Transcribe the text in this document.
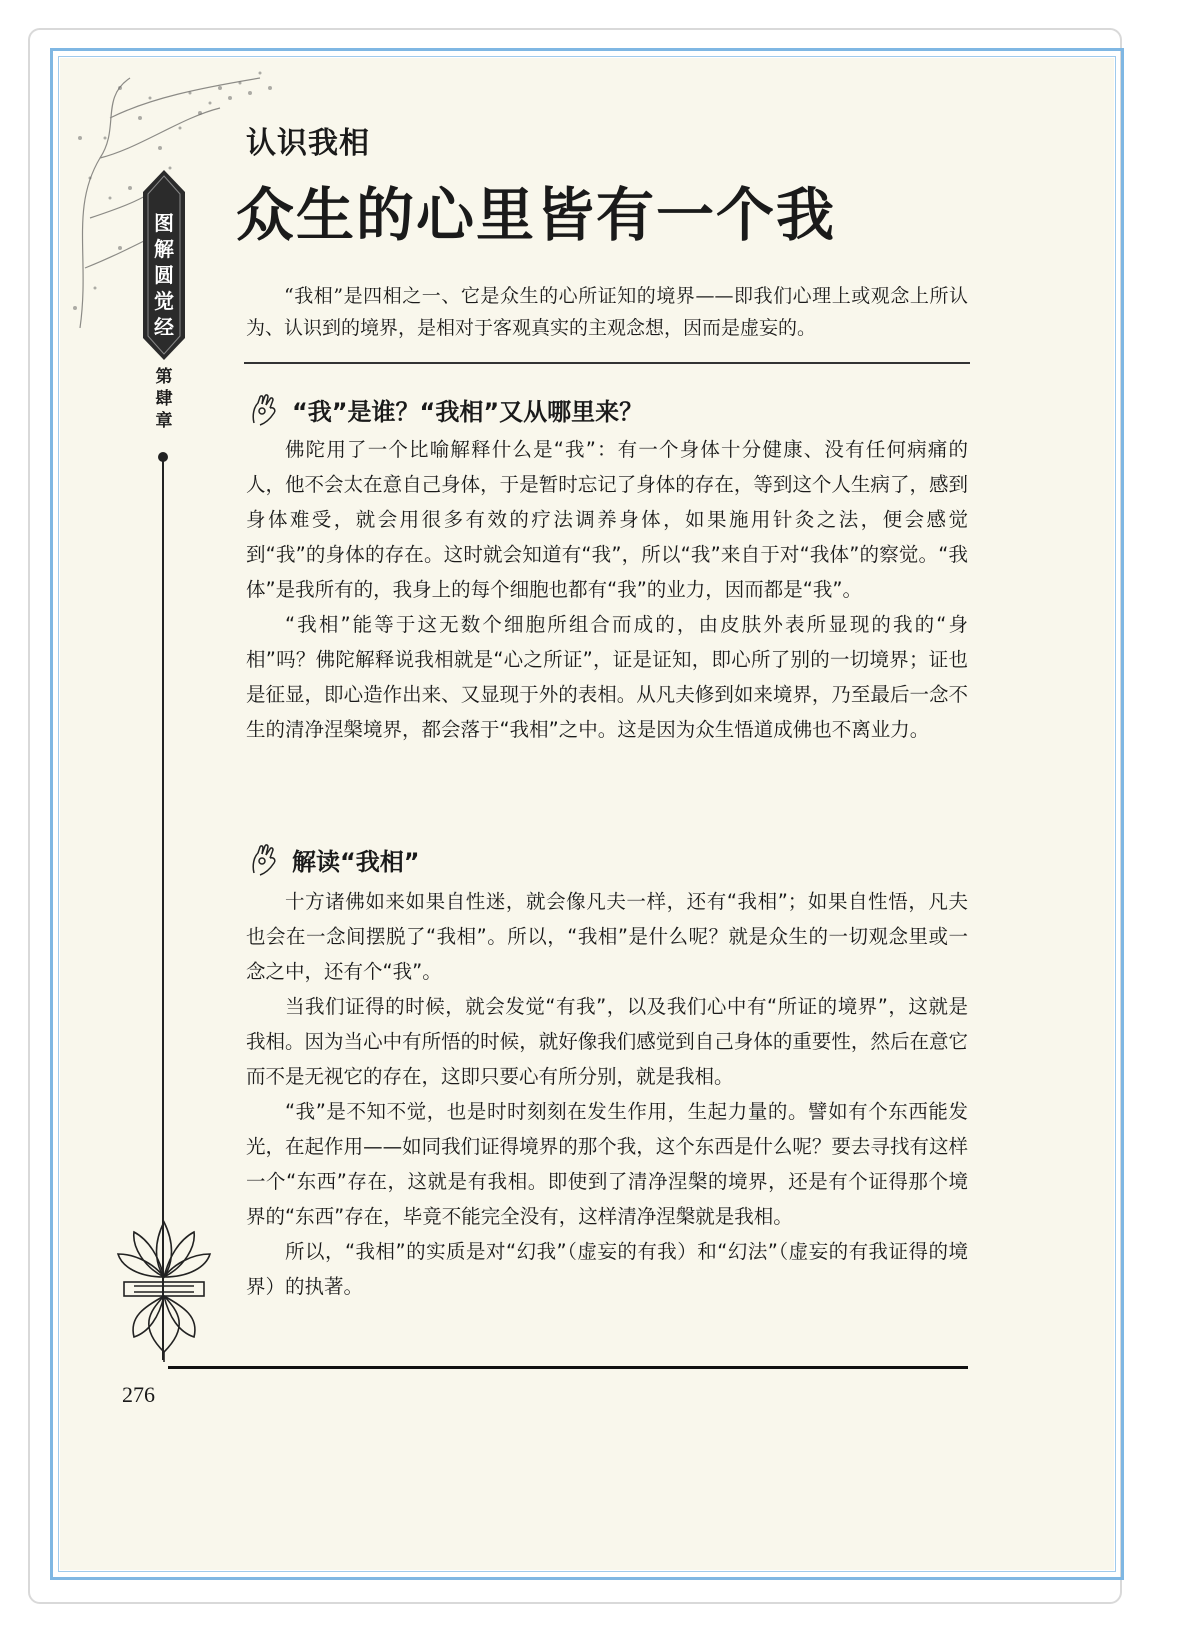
图
解
圆
觉
经
第
肆
章
认识我相
众生的心里皆有一个我
“我相”是四相之一、它是众生的心所证知的境界——即我们心理上或观念上所认为、认识到的境界，是相对于客观真实的主观念想，因而是虚妄的。
“我”是谁？“我相”又从哪里来？

佛陀用了一个比喻解释什么是“我”：有一个身体十分健康、没有任何病痛的人，他不会太在意自己身体，于是暂时忘记了身体的存在，等到这个人生病了，感到身体难受，就会用很多有效的疗法调养身体，如果施用针灸之法，便会感觉到“我”的身体的存在。这时就会知道有“我”，所以“我”来自于对“我体”的察觉。“我体”是我所有的，我身上的每个细胞也都有“我”的业力，因而都是“我”。

“我相”能等于这无数个细胞所组合而成的，由皮肤外表所显现的我的“身相”吗？佛陀解释说我相就是“心之所证”，证是证知，即心所了别的一切境界；证也是征显，即心造作出来、又显现于外的表相。从凡夫修到如来境界，乃至最后一念不生的清净涅槃境界，都会落于“我相”之中。这是因为众生悟道成佛也不离业力。

解读“我相”

十方诸佛如来如果自性迷，就会像凡夫一样，还有“我相”；如果自性悟，凡夫也会在一念间摆脱了“我相”。所以，“我相”是什么呢？就是众生的一切观念里或一念之中，还有个“我”。

当我们证得的时候，就会发觉“有我”，以及我们心中有“所证的境界”，这就是我相。因为当心中有所悟的时候，就好像我们感觉到自己身体的重要性，然后在意它而不是无视它的存在，这即只要心有所分别，就是我相。

“我”是不知不觉，也是时时刻刻在发生作用，生起力量的。譬如有个东西能发光，在起作用——如同我们证得境界的那个我，这个东西是什么呢？要去寻找有这样一个“东西”存在，这就是有我相。即使到了清净涅槃的境界，还是有个证得那个境界的“东西”存在，毕竟不能完全没有，这样清净涅槃就是我相。

所以，“我相”的实质是对“幻我”（虚妄的有我）和“幻法”（虚妄的有我证得的境界）的执著。

276
